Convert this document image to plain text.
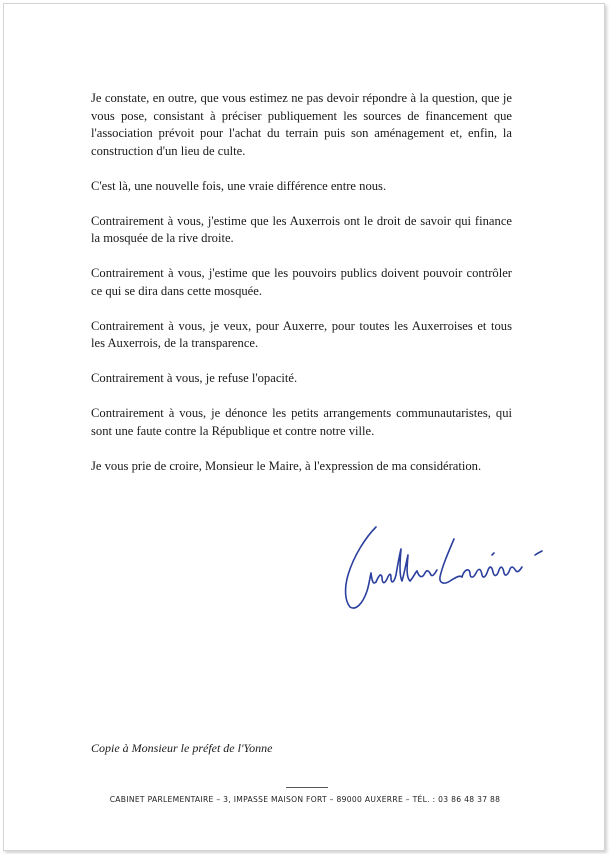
Je constate, en outre, que vous estimez ne pas devoir répondre à la question, que je vous pose, consistant à préciser publiquement les sources de financement que l'association prévoit pour l'achat du terrain puis son aménagement et, enfin, la construction d'un lieu de culte.

C'est là, une nouvelle fois, une vraie différence entre nous.

Contrairement à vous, j'estime que les Auxerrois ont le droit de savoir qui finance la mosquée de la rive droite.

Contrairement à vous, j'estime que les pouvoirs publics doivent pouvoir contrôler ce qui se dira dans cette mosquée.

Contrairement à vous, je veux, pour Auxerre, pour toutes les Auxerroises et tous les Auxerrois, de la transparence.

Contrairement à vous, je refuse l'opacité.

Contrairement à vous, je dénonce les petits arrangements communautaristes, qui sont une faute contre la République et contre notre ville.

Je vous prie de croire, Monsieur le Maire, à l'expression de ma considération.

Copie à Monsieur le préfet de l'Yonne
CABINET PARLEMENTAIRE – 3, IMPASSE MAISON FORT – 89000 AUXERRE – TÉL. : 03 86 48 37 88
